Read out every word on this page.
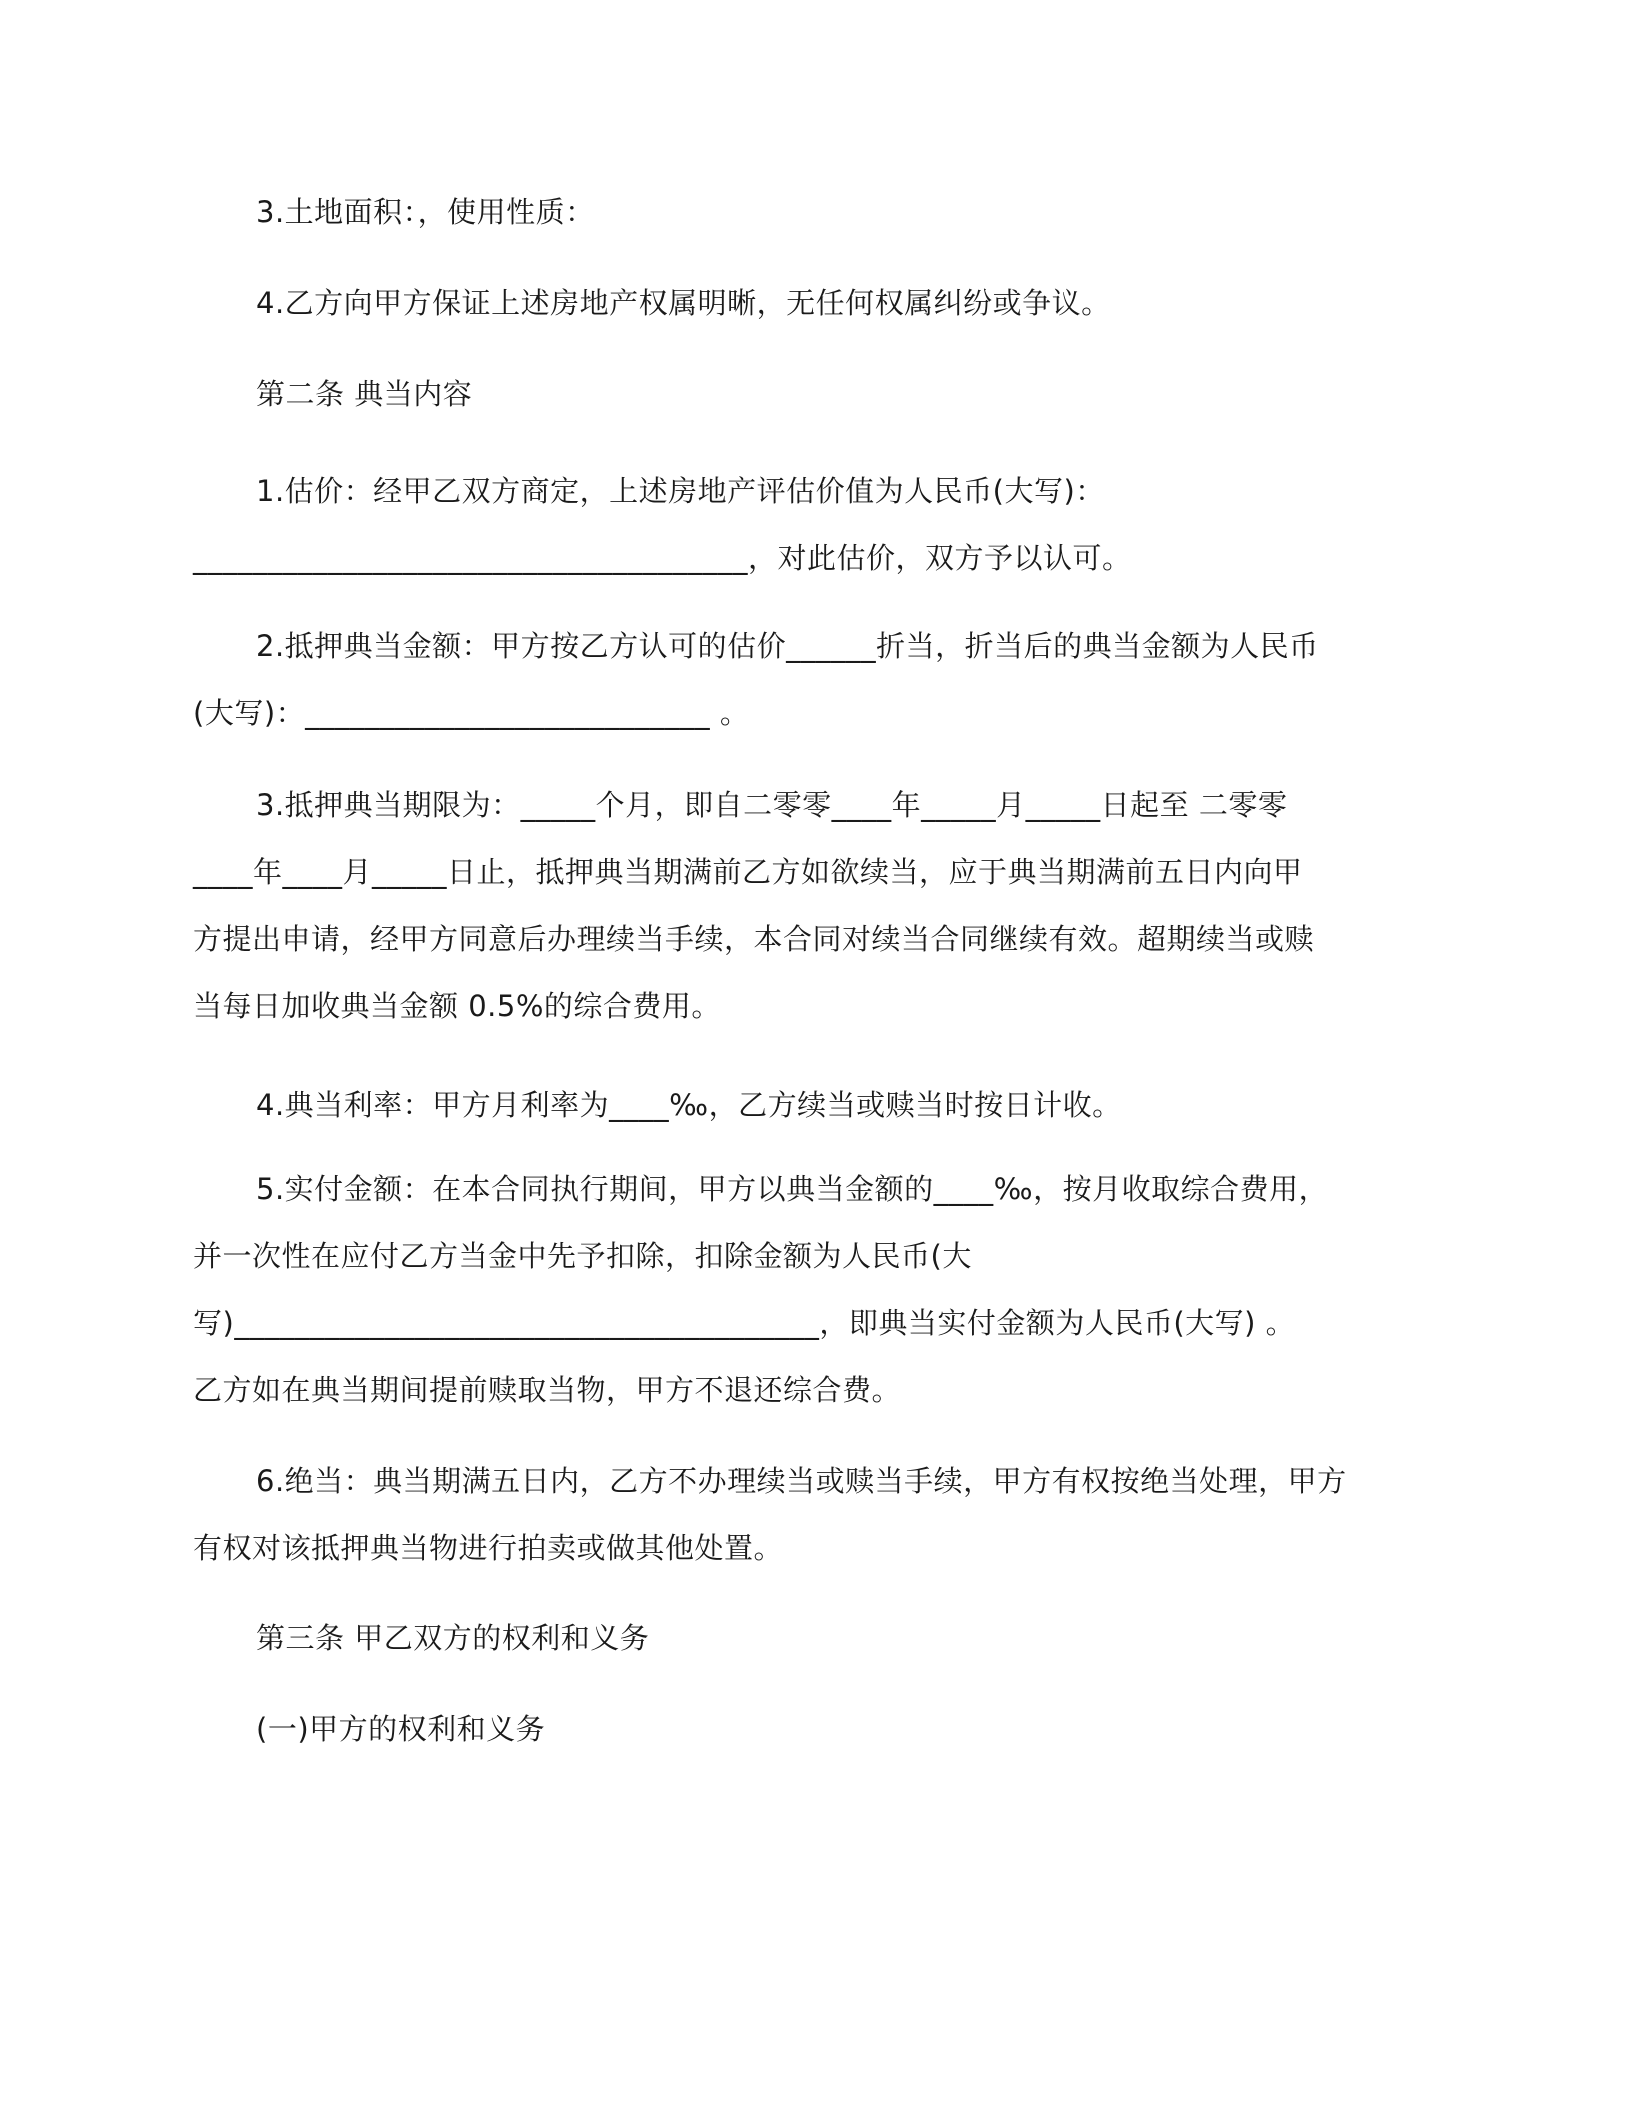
3.土地面积：，使用性质：
4.乙方向甲方保证上述房地产权属明晰，无任何权属纠纷或争议。
第二条 典当内容
1.估价：经甲乙双方商定，上述房地产评估价值为人民币(大写)：
_____________________________________，对此估价，双方予以认可。
2.抵押典当金额：甲方按乙方认可的估价______折当，折当后的典当金额为人民币
(大写)：___________________________ 。
3.抵押典当期限为：_____个月，即自二零零____年_____月_____日起至 二零零
____年____月_____日止，抵押典当期满前乙方如欲续当，应于典当期满前五日内向甲
方提出申请，经甲方同意后办理续当手续，本合同对续当合同继续有效。超期续当或赎
当每日加收典当金额 0.5%的综合费用。
4.典当利率：甲方月利率为____‰，乙方续当或赎当时按日计收。
5.实付金额：在本合同执行期间，甲方以典当金额的____‰，按月收取综合费用，
并一次性在应付乙方当金中先予扣除，扣除金额为人民币(大
写)_______________________________________，即典当实付金额为人民币(大写) 。
乙方如在典当期间提前赎取当物，甲方不退还综合费。
6.绝当：典当期满五日内，乙方不办理续当或赎当手续，甲方有权按绝当处理，甲方
有权对该抵押典当物进行拍卖或做其他处置。
第三条 甲乙双方的权利和义务
(一)甲方的权利和义务
